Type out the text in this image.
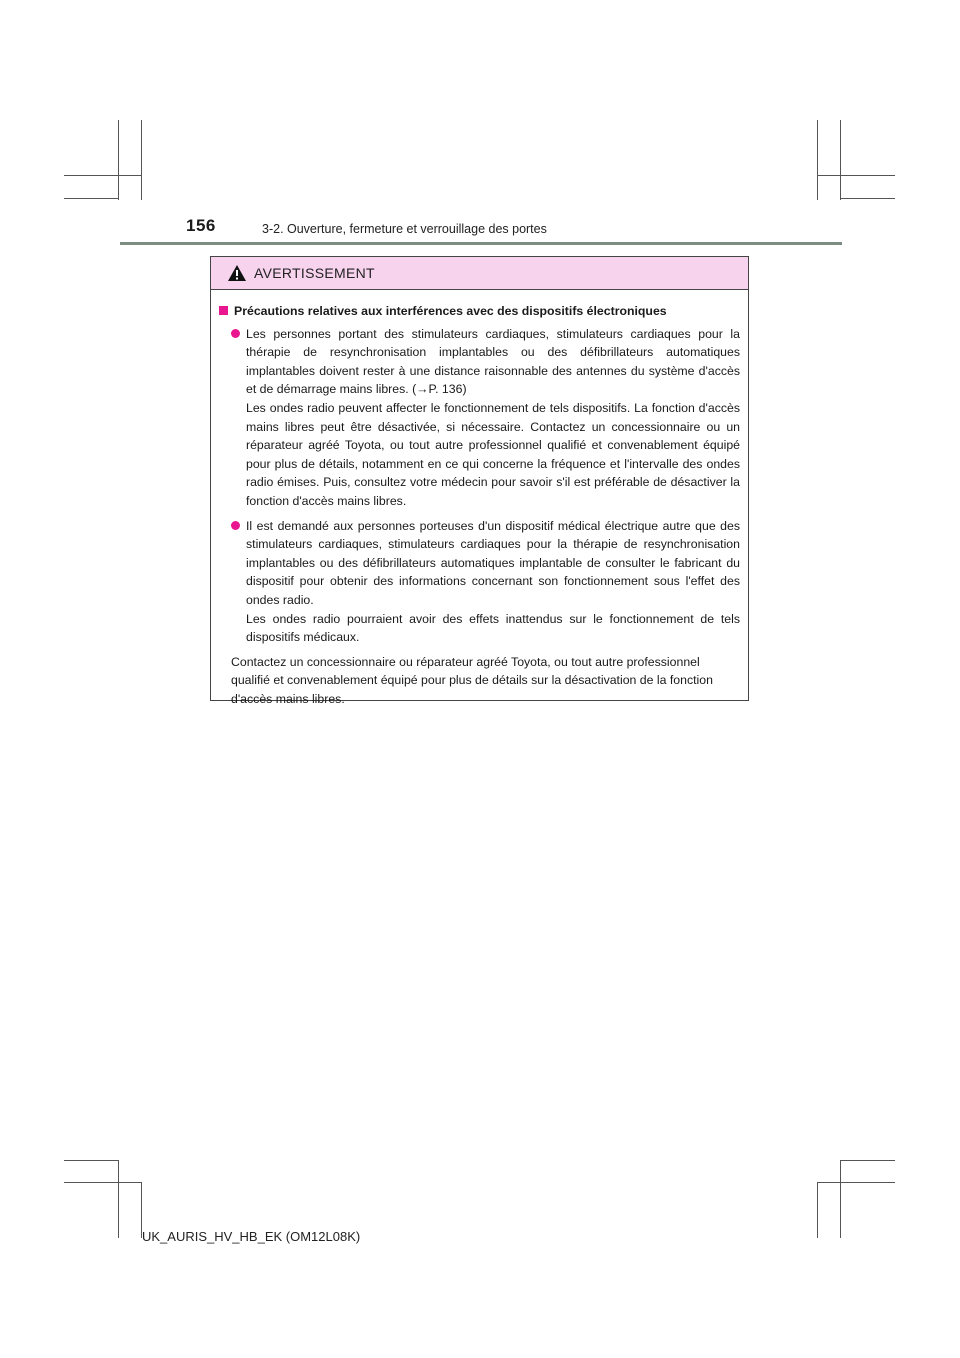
156	3-2. Ouverture, fermeture et verrouillage des portes
AVERTISSEMENT
Précautions relatives aux interférences avec des dispositifs électroniques

Les personnes portant des stimulateurs cardiaques, stimulateurs cardiaques pour la thérapie de resynchronisation implantables ou des défibrillateurs automatiques implantables doivent rester à une distance raisonnable des antennes du système d'accès et de démarrage mains libres. (→P. 136)

Les ondes radio peuvent affecter le fonctionnement de tels dispositifs. La fonction d'accès mains libres peut être désactivée, si nécessaire. Contactez un concessionnaire ou un réparateur agréé Toyota, ou tout autre professionnel qualifié et convenablement équipé pour plus de détails, notamment en ce qui concerne la fréquence et l'intervalle des ondes radio émises. Puis, consultez votre médecin pour savoir s'il est préférable de désactiver la fonction d'accès mains libres.

Il est demandé aux personnes porteuses d'un dispositif médical électrique autre que des stimulateurs cardiaques, stimulateurs cardiaques pour la thérapie de resynchronisation implantables ou des défibrillateurs automatiques implantable de consulter le fabricant du dispositif pour obtenir des informations concernant son fonctionnement sous l'effet des ondes radio.

Les ondes radio pourraient avoir des effets inattendus sur le fonctionnement de tels dispositifs médicaux.

Contactez un concessionnaire ou réparateur agréé Toyota, ou tout autre professionnel qualifié et convenablement équipé pour plus de détails sur la désactivation de la fonction d'accès mains libres.

UK_AURIS_HV_HB_EK (OM12L08K)
